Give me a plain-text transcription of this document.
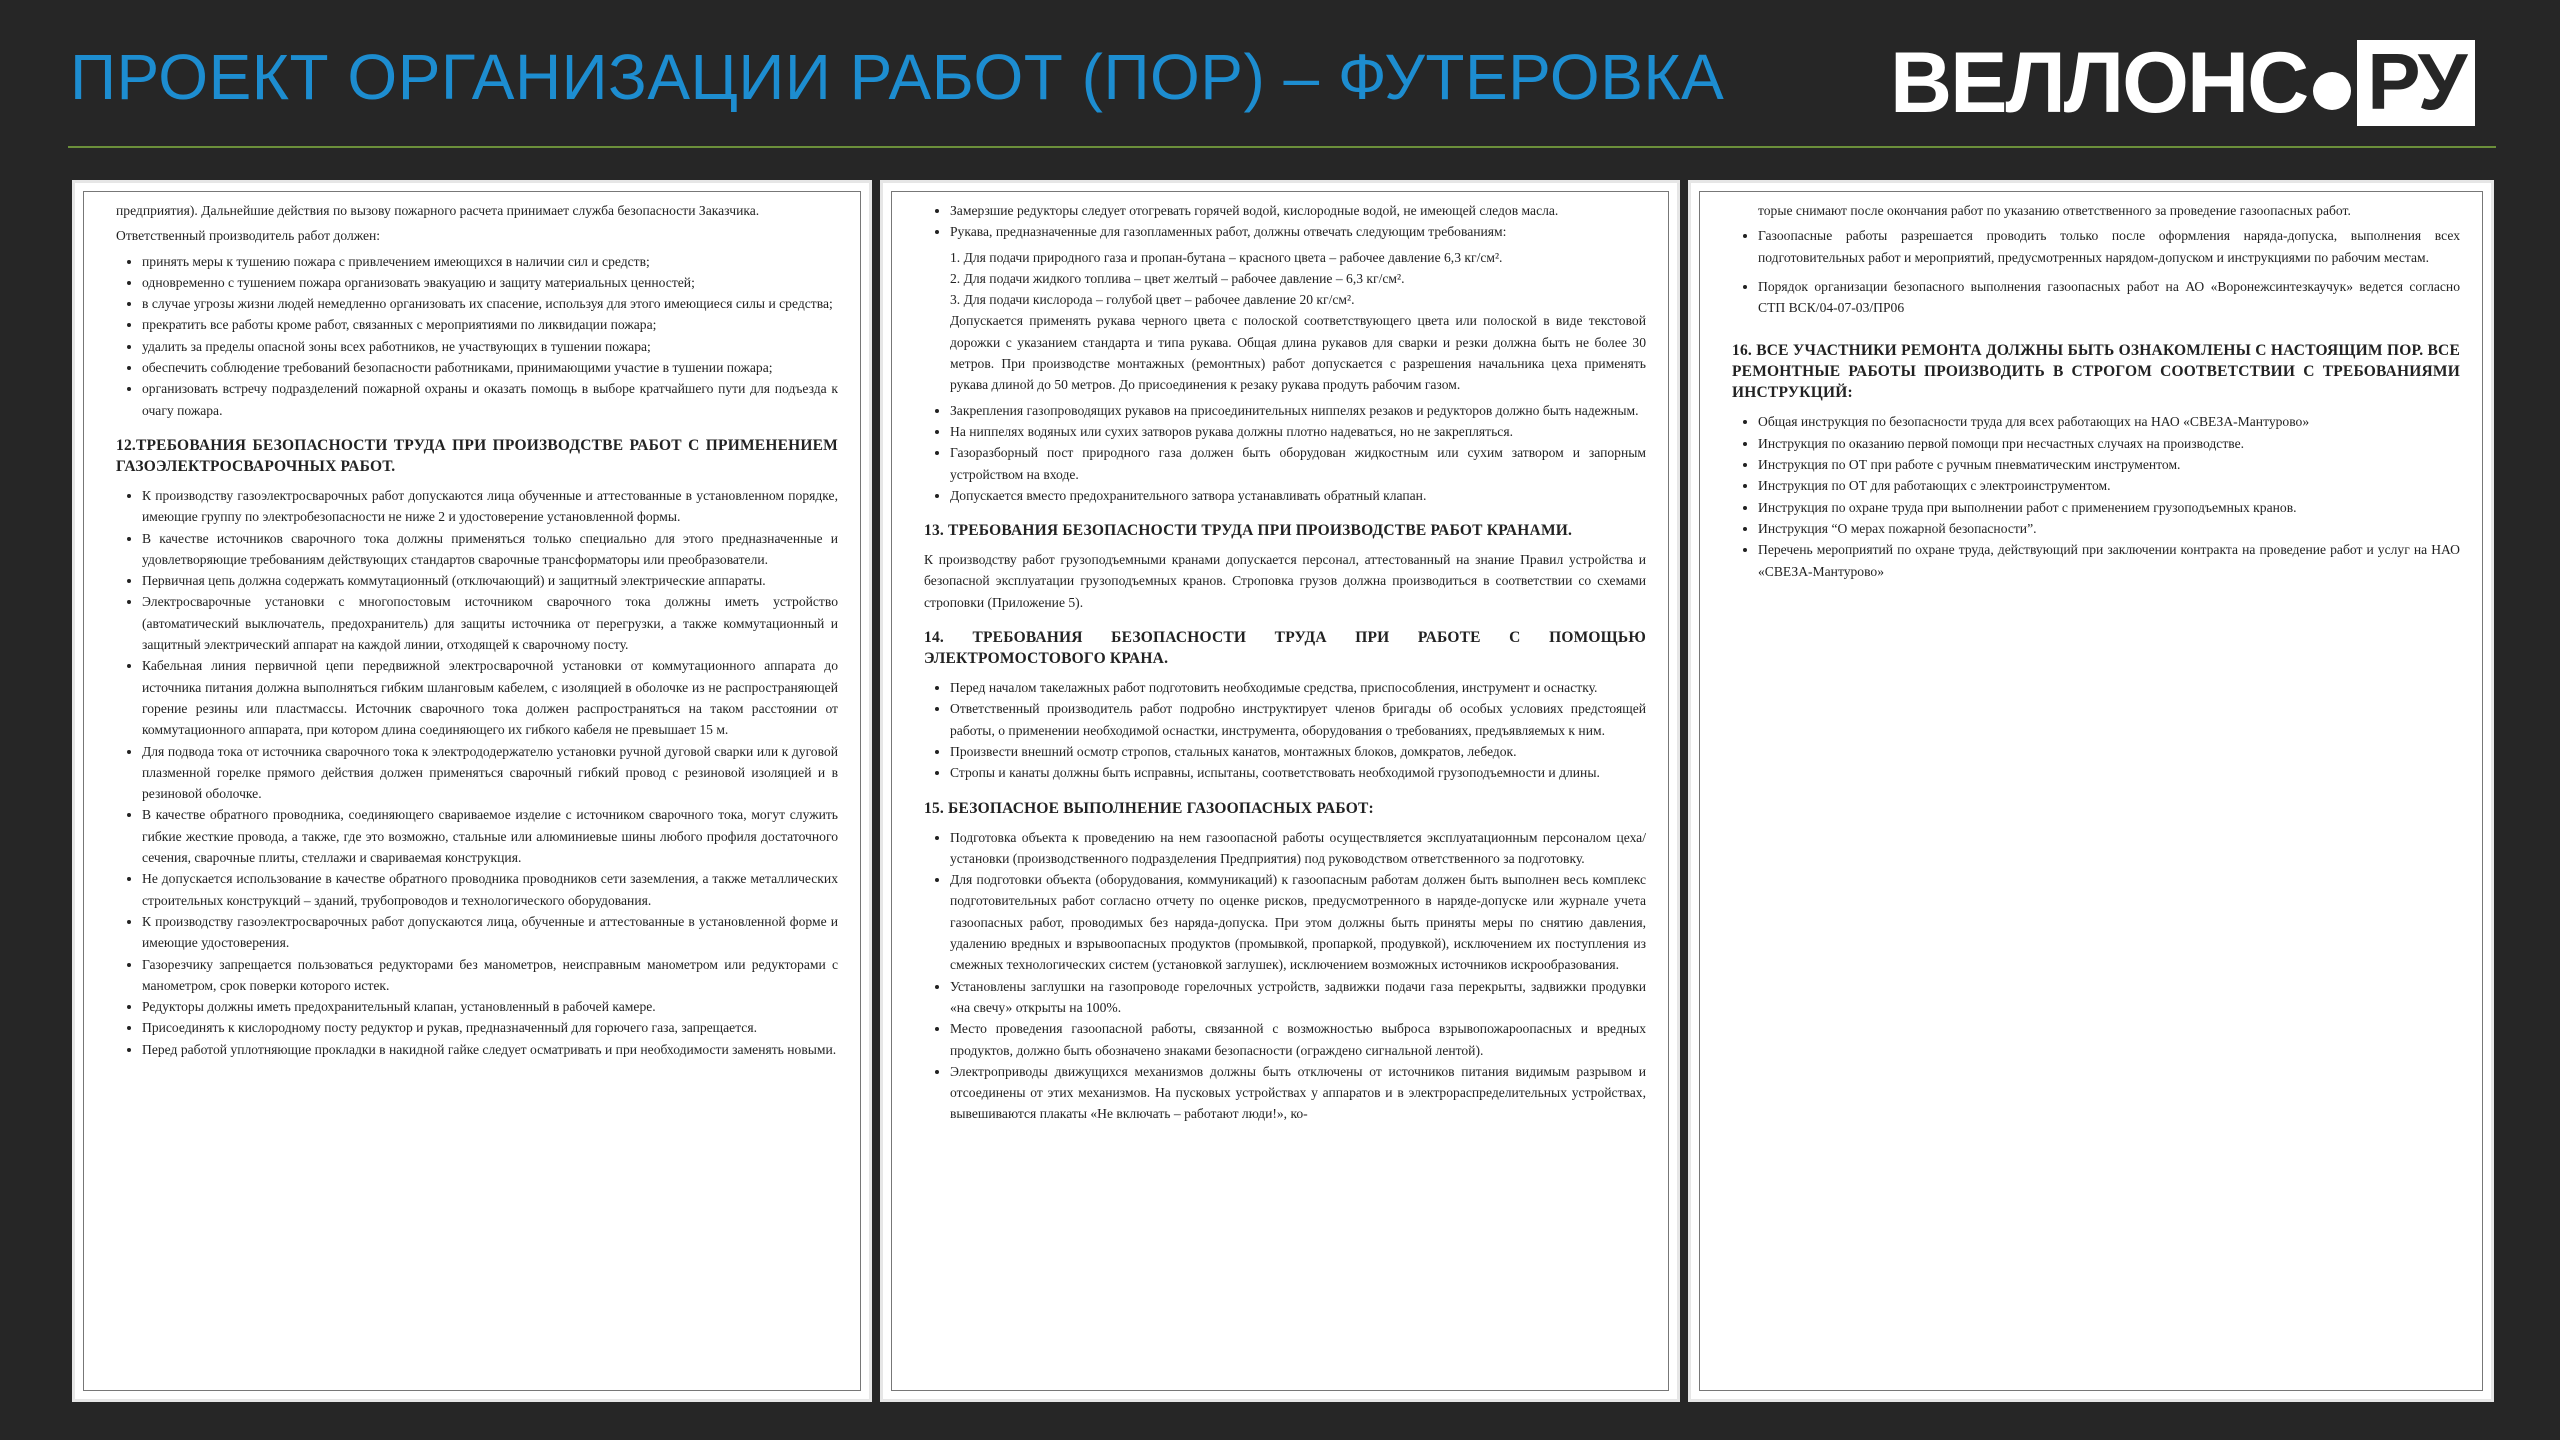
ПРОЕКТ ОРГАНИЗАЦИИ РАБОТ (ПОР) – ФУТЕРОВКА ВЕЛЛОНС РУ

предприятия). Дальнейшие действия по вызову пожарного расчета принимает служба безопасности Заказчика.

Ответственный производитель работ должен:

• принять меры к тушению пожара с привлечением имеющихся в наличии сил и средств;
• одновременно с тушением пожара организовать эвакуацию и защиту материальных ценностей;
• в случае угрозы жизни людей немедленно организовать их спасение, используя для этого имеющиеся силы и средства;
• прекратить все работы кроме работ, связанных с мероприятиями по ликвидации пожара;
• удалить за пределы опасной зоны всех работников, не участвующих в тушении пожара;
• обеспечить соблюдение требований безопасности работниками, принимающими участие в тушении пожара;
• организовать встречу подразделений пожарной охраны и оказать помощь в выборе кратчайшего пути для подъезда к очагу пожара.
12.ТРЕБОВАНИЯ БЕЗОПАСНОСТИ ТРУДА ПРИ ПРОИЗВОДСТВЕ РАБОТ С ПРИМЕНЕНИЕМ ГАЗОЭЛЕКТРОСВАРОЧНЫХ РАБОТ.
• К производству газоэлектросварочных работ допускаются лица обученные и аттестованные в установленном порядке, имеющие группу по электробезопасности не ниже 2 и удостоверение установленной формы.
• В качестве источников сварочного тока должны применяться только специально для этого предназначенные и удовлетворяющие требованиям действующих стандартов сварочные трансформаторы или преобразователи.
• Первичная цепь должна содержать коммутационный (отключающий) и защитный электрические аппараты.
• Электросварочные установки с многопостовым источником сварочного тока должны иметь устройство (автоматический выключатель, предохранитель) для защиты источника от перегрузки, а также коммутационный и защитный электрический аппарат на каждой линии, отходящей к сварочному посту.
• Кабельная линия первичной цепи передвижной электросварочной установки от коммутационного аппарата до источника питания должна выполняться гибким шланговым кабелем, с изоляцией в оболочке из не распространяющей горение резины или пластмассы. Источник сварочного тока должен распространяться на таком расстоянии от коммутационного аппарата, при котором длина соединяющего их гибкого кабеля не превышает 15 м.
• Для подвода тока от источника сварочного тока к электрододержателю установки ручной дуговой сварки или к дуговой плазменной горелке прямого действия должен применяться сварочный гибкий провод с резиновой изоляцией и в резиновой оболочке.
• В качестве обратного проводника, соединяющего свариваемое изделие с источником сварочного тока, могут служить гибкие жесткие провода, а также, где это возможно, стальные или алюминиевые шины любого профиля достаточного сечения, сварочные плиты, стеллажи и свариваемая конструкция.
• Не допускается использование в качестве обратного проводника проводников сети заземления, а также металлических строительных конструкций – зданий, трубопроводов и технологического оборудования.
• К производству газоэлектросварочных работ допускаются лица, обученные и аттестованные в установленной форме и имеющие удостоверения.
• Газорезчику запрещается пользоваться редукторами без манометров, неисправным манометром или редукторами с манометром, срок поверки которого истек.
• Редукторы должны иметь предохранительный клапан, установленный в рабочей камере.
• Присоединять к кислородному посту редуктор и рукав, предназначенный для горючего газа, запрещается.
• Перед работой уплотняющие прокладки в накидной гайке следует осматривать и при необходимости заменять новыми.
• Замерзшие редукторы следует отогревать горячей водой, кислородные водой, не имеющей следов масла.
• Рукава, предназначенные для газопламенных работ, должны отвечать следующим требованиям:
1. Для подачи природного газа и пропан-бутана – красного цвета – рабочее давление 6,3 кг/см².
2. Для подачи жидкого топлива – цвет желтый – рабочее давление – 6,3 кг/см².
3. Для подачи кислорода – голубой цвет – рабочее давление 20 кг/см².
Допускается применять рукава черного цвета с полоской соответствующего цвета или полоской в виде текстовой дорожки с указанием стандарта и типа рукава. Общая длина рукавов для сварки и резки должна быть не более 30 метров. При производстве монтажных (ремонтных) работ допускается с разрешения начальника цеха применять рукава длиной до 50 метров. До присоединения к резаку рукава продуть рабочим газом.
• Закрепления газопроводящих рукавов на присоединительных ниппелях резаков и редукторов должно быть надежным.
• На ниппелях водяных или сухих затворов рукава должны плотно надеваться, но не закрепляться.
• Газоразборный пост природного газа должен быть оборудован жидкостным или сухим затвором и запорным устройством на входе.
• Допускается вместо предохранительного затвора устанавливать обратный клапан.
13. ТРЕБОВАНИЯ БЕЗОПАСНОСТИ ТРУДА ПРИ ПРОИЗВОДСТВЕ РАБОТ КРАНАМИ.

К производству работ грузоподъемными кранами допускается персонал, аттестованный на знание Правил устройства и безопасной эксплуатации грузоподъемных кранов. Строповка грузов должна производиться в соответствии со схемами строповки (Приложение 5).

14. ТРЕБОВАНИЯ БЕЗОПАСНОСТИ ТРУДА ПРИ РАБОТЕ С ПОМОЩЬЮ ЭЛЕКТРОМОСТОВОГО КРАНА.
• Перед началом такелажных работ подготовить необходимые средства, приспособления, инструмент и оснастку.
• Ответственный производитель работ подробно инструктирует членов бригады об особых условиях предстоящей работы, о применении необходимой оснастки, инструмента, оборудования о требованиях, предъявляемых к ним.
• Произвести внешний осмотр стропов, стальных канатов, монтажных блоков, домкратов, лебедок.
• Стропы и канаты должны быть исправны, испытаны, соответствовать необходимой грузоподъемности и длины.
15. БЕЗОПАСНОЕ ВЫПОЛНЕНИЕ ГАЗООПАСНЫХ РАБОТ:
• Подготовка объекта к проведению на нем газоопасной работы осуществляется эксплуатационным персоналом цеха/установки (производственного подразделения Предприятия) под руководством ответственного за подготовку.
• Для подготовки объекта (оборудования, коммуникаций) к газоопасным работам должен быть выполнен весь комплекс подготовительных работ согласно отчету по оценке рисков, предусмотренного в наряде-допуске или журнале учета газоопасных работ, проводимых без наряда-допуска. При этом должны быть приняты меры по снятию давления, удалению вредных и взрывоопасных продуктов (промывкой, пропаркой, продувкой), исключением их поступления из смежных технологических систем (установкой заглушек), исключением возможных источников искрообразования.
• Установлены заглушки на газопроводе горелочных устройств, задвижки подачи газа перекрыты, задвижки продувки «на свечу» открыты на 100%.
• Место проведения газоопасной работы, связанной с возможностью выброса взрывопожароопасных и вредных продуктов, должно быть обозначено знаками безопасности (ограждено сигнальной лентой).
• Электроприводы движущихся механизмов должны быть отключены от источников питания видимым разрывом и отсоединены от этих механизмов. На пусковых устройствах у аппаратов и в электрораспределительных устройствах, вывешиваются плакаты «Не включать – работают люди!», ко-

торые снимают после окончания работ по указанию ответственного за проведение газоопасных работ.

• Газоопасные работы разрешается проводить только после оформления наряда-допуска, выполнения всех подготовительных работ и мероприятий, предусмотренных нарядом-допуском и инструкциями по рабочим местам.
• Порядок организации безопасного выполнения газоопасных работ на АО «Воронежсинтезкаучук» ведется согласно СТП ВСК/04-07-03/ПР06
16. ВСЕ УЧАСТНИКИ РЕМОНТА ДОЛЖНЫ БЫТЬ ОЗНАКОМЛЕНЫ С НАСТОЯЩИМ ПОР. ВСЕ РЕМОНТНЫЕ РАБОТЫ ПРОИЗВОДИТЬ В СТРОГОМ СООТВЕТСТВИИ С ТРЕБОВАНИЯМИ ИНСТРУКЦИЙ:
• Общая инструкция по безопасности труда для всех работающих на НАО «СВЕЗА-Мантурово»
• Инструкция по оказанию первой помощи при несчастных случаях на производстве.
• Инструкция по ОТ при работе с ручным пневматическим инструментом.
• Инструкция по ОТ для работающих с электроинструментом.
• Инструкция по охране труда при выполнении работ с применением грузоподъемных кранов.
• Инструкция “О мерах пожарной безопасности”.
• Перечень мероприятий по охране труда, действующий при заключении контракта на проведение работ и услуг на НАО «СВЕЗА-Мантурово»
